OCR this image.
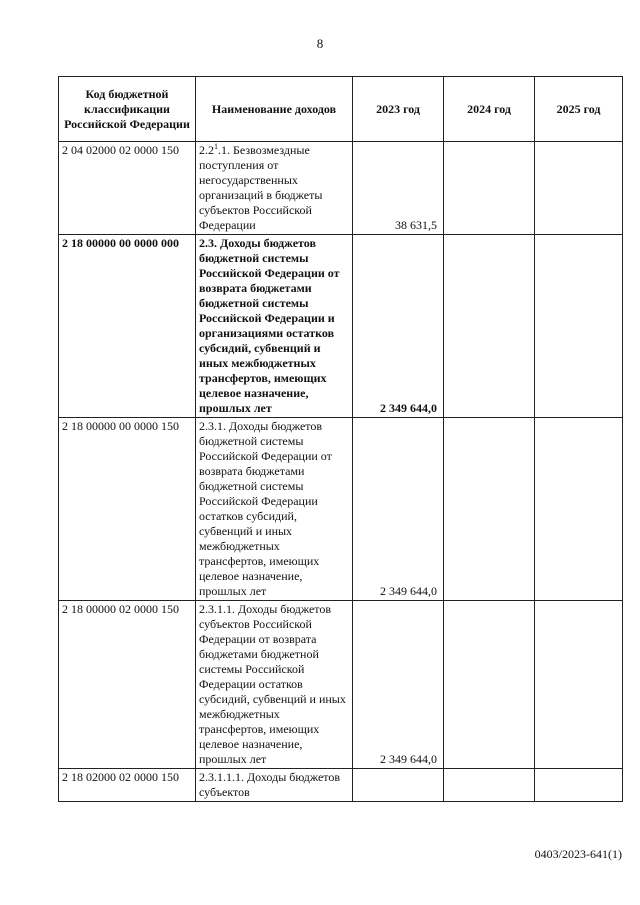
8
Код бюджетной классификации Российской Федерации	Наименование доходов	2023 год	2024 год	2025 год
2 04 02000 02 0000 150	$2.2^1.1$. Безвозмездные поступления от негосударственных организаций в бюджеты субъектов Российской Федерации	38 631,5		
2 18 00000 00 0000 000	2.3. Доходы бюджетов бюджетной системы Российской Федерации от возврата бюджетами бюджетной системы Российской Федерации и организациями остатков субсидий, субвенций и иных межбюджетных трансфертов, имеющих целевое назначение, прошлых лет	2 349 644,0		
2 18 00000 00 0000 150	2.3.1. Доходы бюджетов бюджетной системы Российской Федерации от возврата бюджетами бюджетной системы Российской Федерации остатков субсидий, субвенций и иных межбюджетных трансфертов, имеющих целевое назначение, прошлых лет	2 349 644,0		
2 18 00000 02 0000 150	2.3.1.1. Доходы бюджетов субъектов Российской Федерации от возврата бюджетами бюджетной системы Российской Федерации остатков субсидий, субвенций и иных межбюджетных трансфертов, имеющих целевое назначение, прошлых лет	2 349 644,0		
2 18 02000 02 0000 150	2.3.1.1.1. Доходы бюджетов субъектов			
0403/2023-641(1)
